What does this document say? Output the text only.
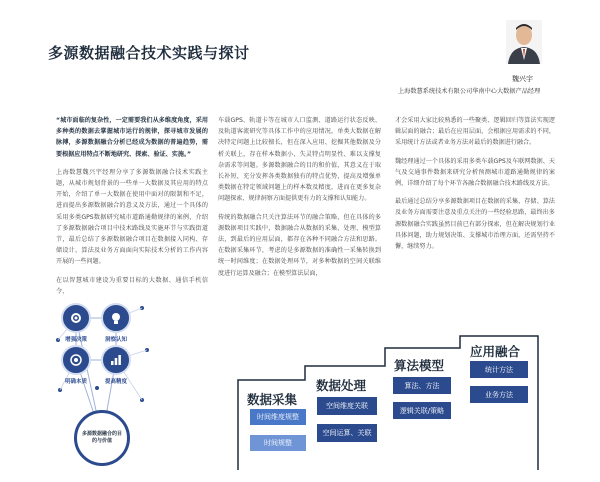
多源数据融合技术实践与探讨
魏兴宇
上海数慧系统技术有限公司华南中心大数据产品经理

“城市面临的复杂性，一定需要我们从多维度角度，采用多种类的数据去掌握城市运行的规律，探寻城市发展的脉搏，多源数据融合分析已经成为数据的普遍趋势，需要根据应用特点不断地研究、探索、验证、实施。”

上海数慧魏兴宇经理分享了多源数据融合技术实践主题，从城市规划背景的一些单一大数据及其应用的特点开始，介绍了单一大数据在使用中面对的限制和不足，进而提出多源数据融合的意义及方法，通过一个具体的采用多类GPS数据研究城市道路通勤规律的案例，介绍了多源数据融合项目中技术路线及实施环节与实践街道节，最后总结了多源数据融合项目在数据接入同构、存储设计、算法及业务方面面向实际技术分析的工作内容开展的一些问题。

在以智慧城市建设为重要目标的大数据、通信手机信令、

车载GPS、轨道卡等在城市人口监测、道路运行状态反映、及轨道客流研究等具体工作中的应用情况，单类大数据在解决特定问题上比较擅长，但在深入应用、挖掘其他数据及分析关联上，存在样本数据小、失灵特点明显性、难以支撑复杂需求等问题。多源数据融合的目的和价值，其意义在于取长补短，充分发挥各类数据独有的特点优势，提高及增强单类数据在特定领域问题上的样本数及精度，进而在更多复杂问题探索、规律洞察方面提供更有力的支撑和认知能力。

传统的数据融合只关注算法环节的融合策略，但在具体的多源数据项目实践中，数据融合从数据的采集、处理、模型算法，到最后的应用层面，都存在各种不同融合方法和思路。在数据采集环节，考虑的是多源数据的准确性一采集转换到统一时间维度；在数据处理环节，对多种数据的空间关联维度进行运算及融合；在模型算法层面，

才会采用大家比较熟悉的一些聚类、逻辑回归等算法实现逻辑层面的融合；最后在应用层面，会根据应用需求的不同，采用统计方法或者业务方法对最后的数据进行融合。

魏经理通过一个具体的采用多类车载GPS及车联网数据、天气及交通事件数据来研究分析预测城市道路通勤规律的案例，详细介绍了每个环节各融合数据融合技术路线及方法。

最后通过总结分享多源数据项目在数据的采集、存储、算法及业务方面需要注意及重点关注的一些经验思路，最终出多源数据融合实践虽然目前已有部分探索，但在解决规划行业具体问题，助力规划决策、支撑城市治理方面，还需坚持不懈，继续努力。

增强决策	洞察认知
明确本质	提高精度
多源数据融合的目的与价值
数据采集
时间维度规整
时间规整
数据处理
空间维度关联
空间运算、关联
算法模型
算法、方法
逻辑关联/策略
应用融合
统计方法
业务方法
